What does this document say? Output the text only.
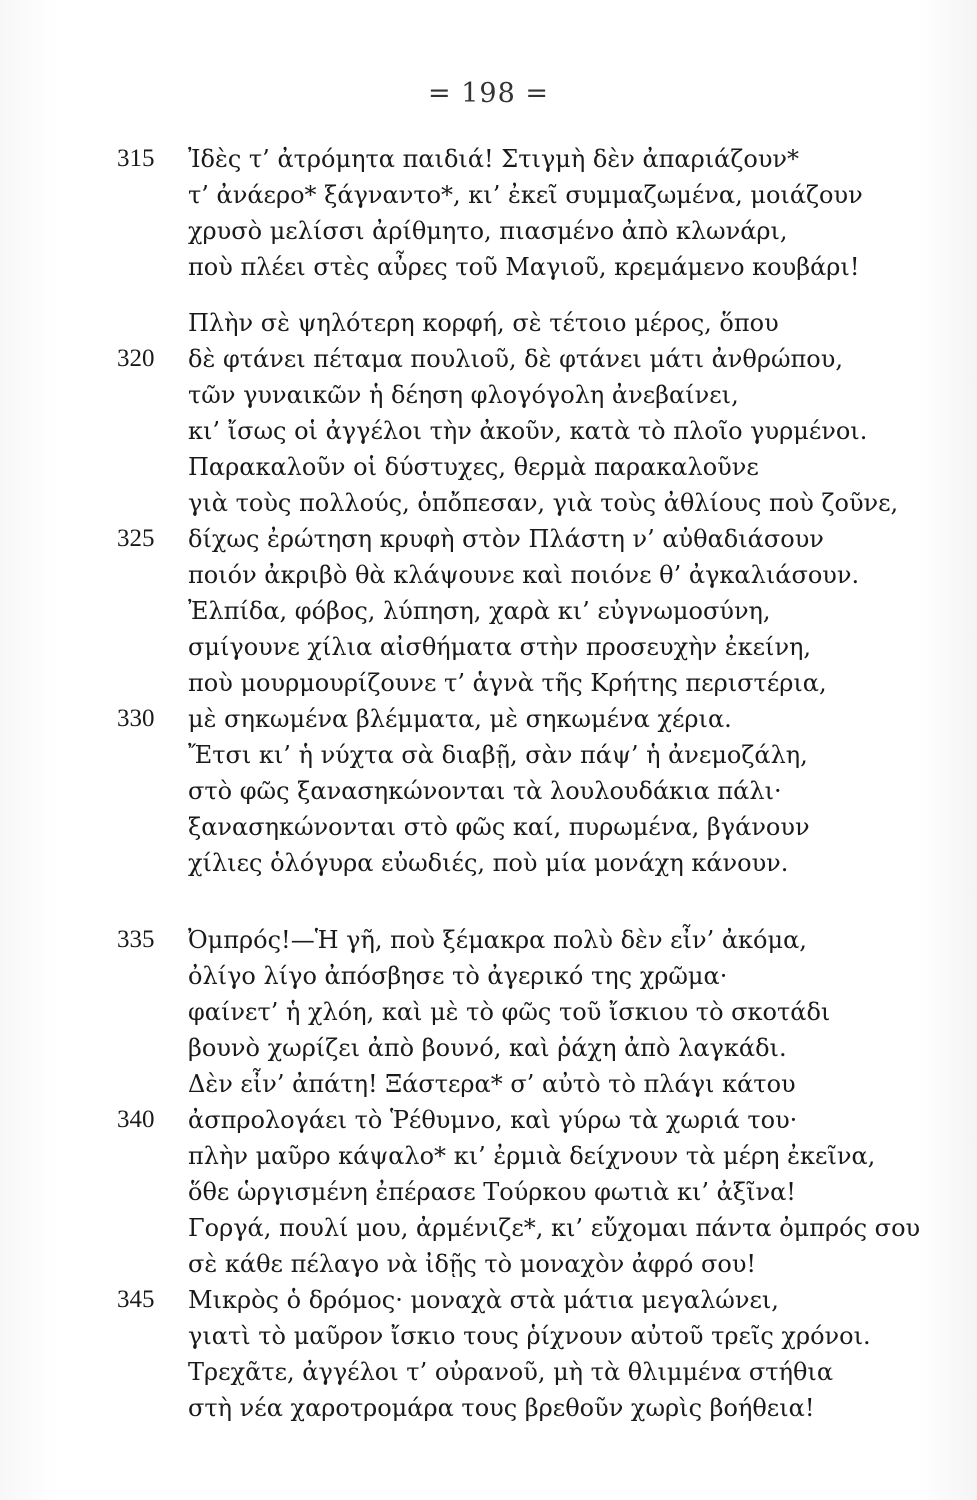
= 198 =
315	Ἰδὲς τ’ ἀτρόμητα παιδιά! Στιγμὴ δὲν ἀπαριάζουν*
τ’ ἀνάερο* ξάγναντο*, κι’ ἐκεῖ συμμαζωμένα, μοιάζουν
χρυσὸ μελίσσι ἀρίθμητο, πιασμένο ἀπὸ κλωνάρι,
ποὺ πλέει στὲς αὖρες τοῦ Μαγιοῦ, κρεμάμενο κουβάρι!
Πλὴν σὲ ψηλότερη κορφή, σὲ τέτοιο μέρος, ὅπου
320	δὲ φτάνει πέταμα πουλιοῦ, δὲ φτάνει μάτι ἀνθρώπου,
τῶν γυναικῶν ἡ δέηση φλογόγολη ἀνεβαίνει,
κι’ ἴσως οἱ ἀγγέλοι τὴν ἀκοῦν, κατὰ τὸ πλοῖο γυρμένοι.
Παρακαλοῦν οἱ δύστυχες, θερμὰ παρακαλοῦνε
γιὰ τοὺς πολλούς, ὁπὄπεσαν, γιὰ τοὺς ἀθλίους ποὺ ζοῦνε,
325	δίχως ἐρώτηση κρυφὴ στὸν Πλάστη ν’ αὐθαδιάσουν
ποιόν ἀκριβὸ θὰ κλάψουνε καὶ ποιόνε θ’ ἀγκαλιάσουν.
Ἐλπίδα, φόβος, λύπηση, χαρὰ κι’ εὐγνωμοσύνη,
σμίγουνε χίλια αἰσθήματα στὴν προσευχὴν ἐκείνη,
ποὺ μουρμουρίζουνε τ’ ἁγνὰ τῆς Κρήτης περιστέρια,
330	μὲ σηκωμένα βλέμματα, μὲ σηκωμένα χέρια.
Ἔτσι κι’ ἡ νύχτα σὰ διαβῇ, σὰν πάψ’ ἡ ἀνεμοζάλη,
στὸ φῶς ξανασηκώνονται τὰ λουλουδάκια πάλι·
ξανασηκώνονται στὸ φῶς καί, πυρωμένα, βγάνουν
χίλιες ὁλόγυρα εὐωδιές, ποὺ μία μονάχη κάνουν.
335	Ὀμπρός!—Ἡ γῆ, ποὺ ξέμακρα πολὺ δὲν εἶν’ ἀκόμα,
ὀλίγο λίγο ἀπόσβησε τὸ ἀγερικό της χρῶμα·
φαίνετ’ ἡ χλόη, καὶ μὲ τὸ φῶς τοῦ ἴσκιου τὸ σκοτάδι
βουνὸ χωρίζει ἀπὸ βουνό, καὶ ῥάχη ἀπὸ λαγκάδι.
Δὲν εἶν’ ἀπάτη! Ξάστερα* σ’ αὐτὸ τὸ πλάγι κάτου
340	ἀσπρολογάει τὸ Ῥέθυμνο, καὶ γύρω τὰ χωριά του·
πλὴν μαῦρο κάψαλο* κι’ ἐρμιὰ δείχνουν τὰ μέρη ἐκεῖνα,
ὅθε ὡργισμένη ἐπέρασε Τούρκου φωτιὰ κι’ ἀξῖνα!
Γοργά, πουλί μου, ἀρμένιζε*, κι’ εὔχομαι πάντα ὀμπρός σου
σὲ κάθε πέλαγο νὰ ἰδῇς τὸ μοναχὸν ἀφρό σου!
345	Μικρὸς ὁ δρόμος· μοναχὰ στὰ μάτια μεγαλώνει,
γιατὶ τὸ μαῦρον ἴσκιο τους ῥίχνουν αὐτοῦ τρεῖς χρόνοι.
Τρεχᾶτε, ἀγγέλοι τ’ οὐρανοῦ, μὴ τὰ θλιμμένα στήθια
στὴ νέα χαροτρομάρα τους βρεθοῦν χωρὶς βοήθεια!
